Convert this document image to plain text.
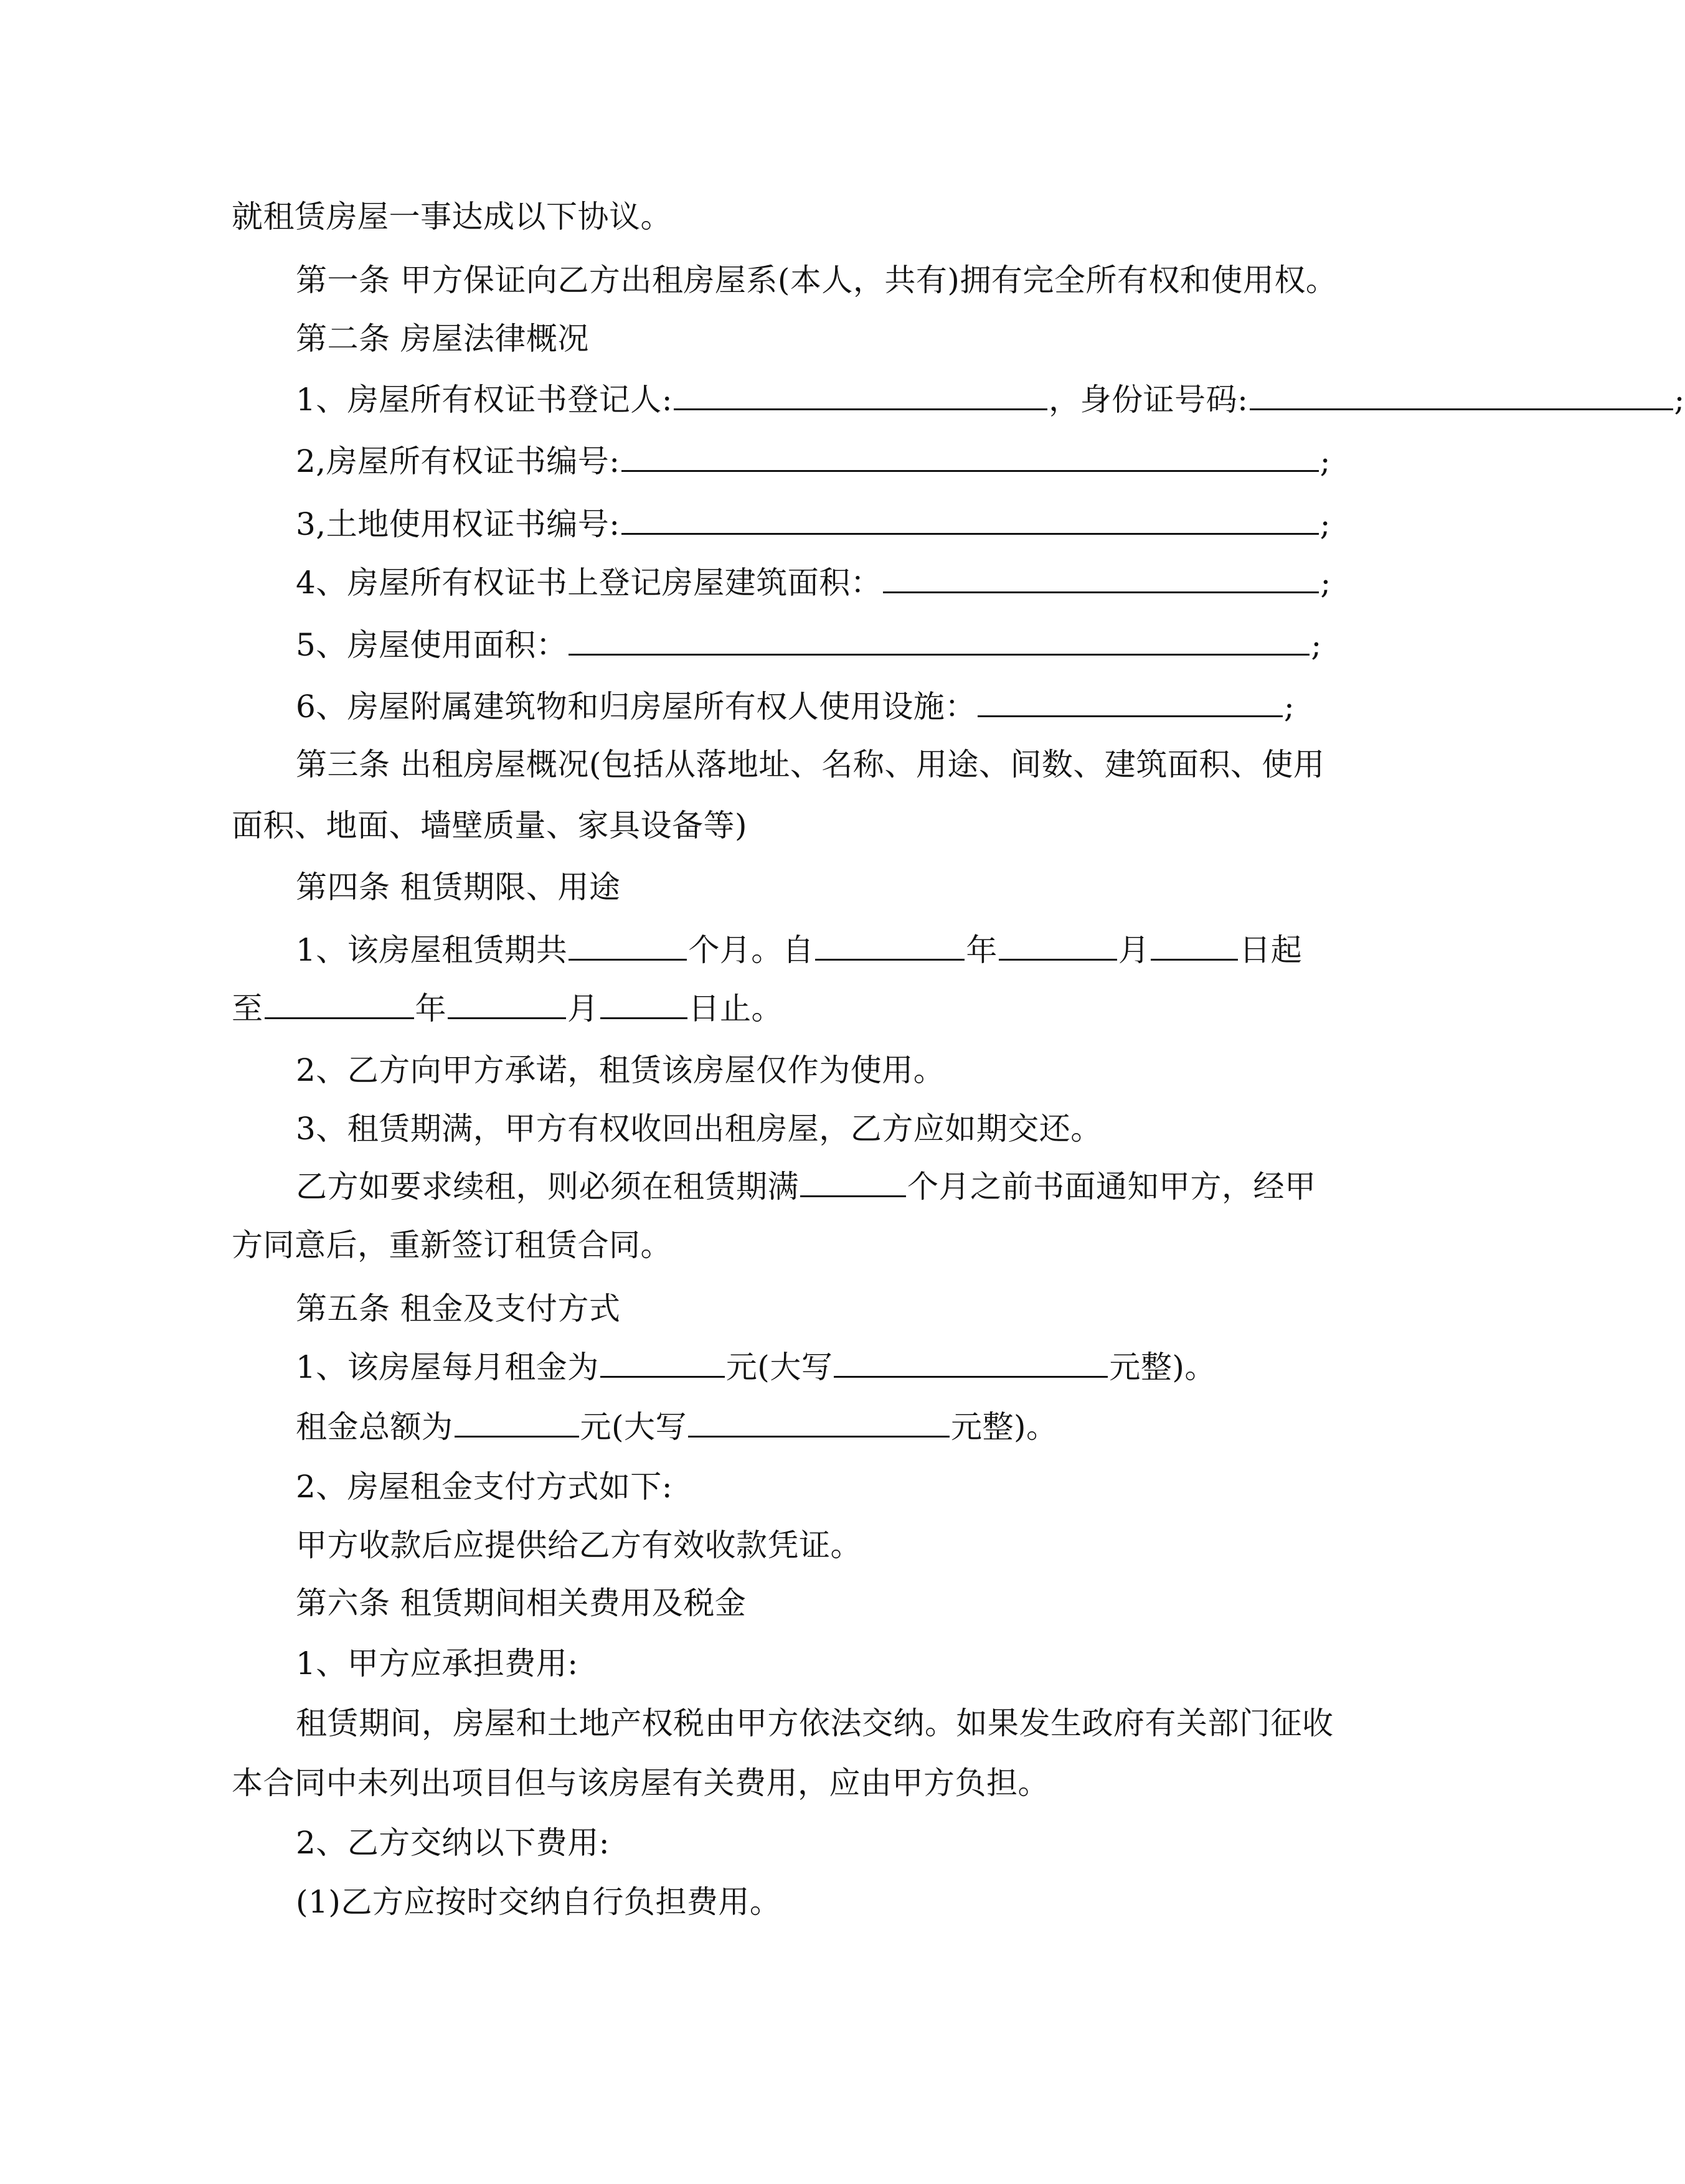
就租赁房屋一事达成以下协议。
第一条 甲方保证向乙方出租房屋系(本人，共有)拥有完全所有权和使用权。
第二条 房屋法律概况
1、房屋所有权证书登记人:	，身份证号码:	;
2,房屋所有权证书编号:	;
3,土地使用权证书编号:	;
4、房屋所有权证书上登记房屋建筑面积：	;
5、房屋使用面积：	;
6、房屋附属建筑物和归房屋所有权人使用设施：	;
第三条 出租房屋概况(包括从落地址、名称、用途、间数、建筑面积、使用
面积、地面、墙壁质量、家具设备等)
第四条 租赁期限、用途
1、该房屋租赁期共	个月。自	年	月	日起
至	年	月	日止。
2、乙方向甲方承诺，租赁该房屋仅作为使用。
3、租赁期满，甲方有权收回出租房屋，乙方应如期交还。
乙方如要求续租，则必须在租赁期满	个月之前书面通知甲方，经甲
方同意后，重新签订租赁合同。
第五条 租金及支付方式
1、该房屋每月租金为	元(大写	元整)。
租金总额为	元(大写	元整)。
2、房屋租金支付方式如下:
甲方收款后应提供给乙方有效收款凭证。
第六条 租赁期间相关费用及税金
1、甲方应承担费用:
租赁期间，房屋和土地产权税由甲方依法交纳。如果发生政府有关部门征收
本合同中未列出项目但与该房屋有关费用，应由甲方负担。
2、乙方交纳以下费用:
(1)乙方应按时交纳自行负担费用。
